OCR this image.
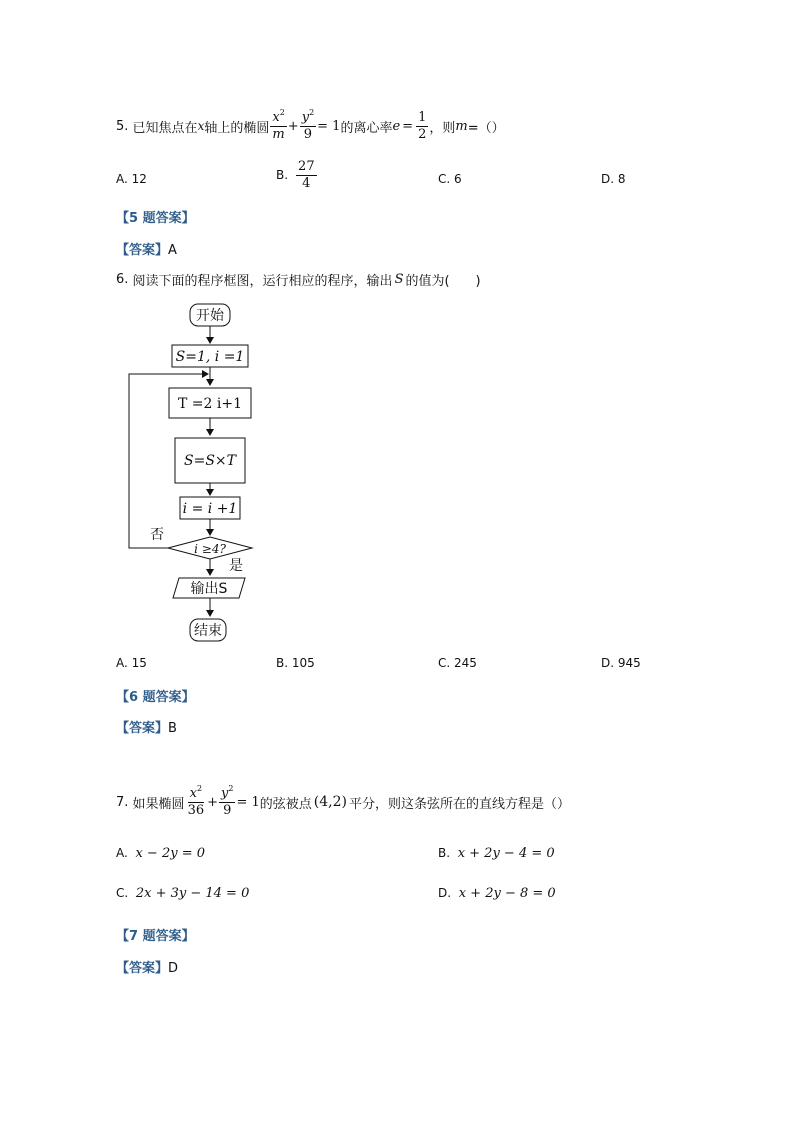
5.
已知焦点在 x 轴上的椭圆 $\frac{x^2}{m} + \frac{y^2}{9} = 1$ 的离心率 $e = \frac{1}{2}$ ，则 m =（）
A. 12	B. $\frac{27}{4}$	C. 6	D. 8
【5 题答案】
【答案】A
6.
阅读下面的程序框图，运行相应的程序，输出 S 的值为(　　)
开始
S=1, i =1
T =2 i+1
S=S×T
i = i +1
i ≥4?
否
是
输出S
结束
A. 15	B. 105	C. 245	D. 945
【6 题答案】
【答案】B
7.
如果椭圆 $\frac{x^2}{36} + \frac{y^2}{9} = 1$ 的弦被点 (4,2) 平分，则这条弦所在的直线方程是（）
A. x − 2y = 0	B. x + 2y − 4 = 0
C. 2x + 3y − 14 = 0	D. x + 2y − 8 = 0
【7 题答案】
【答案】D
